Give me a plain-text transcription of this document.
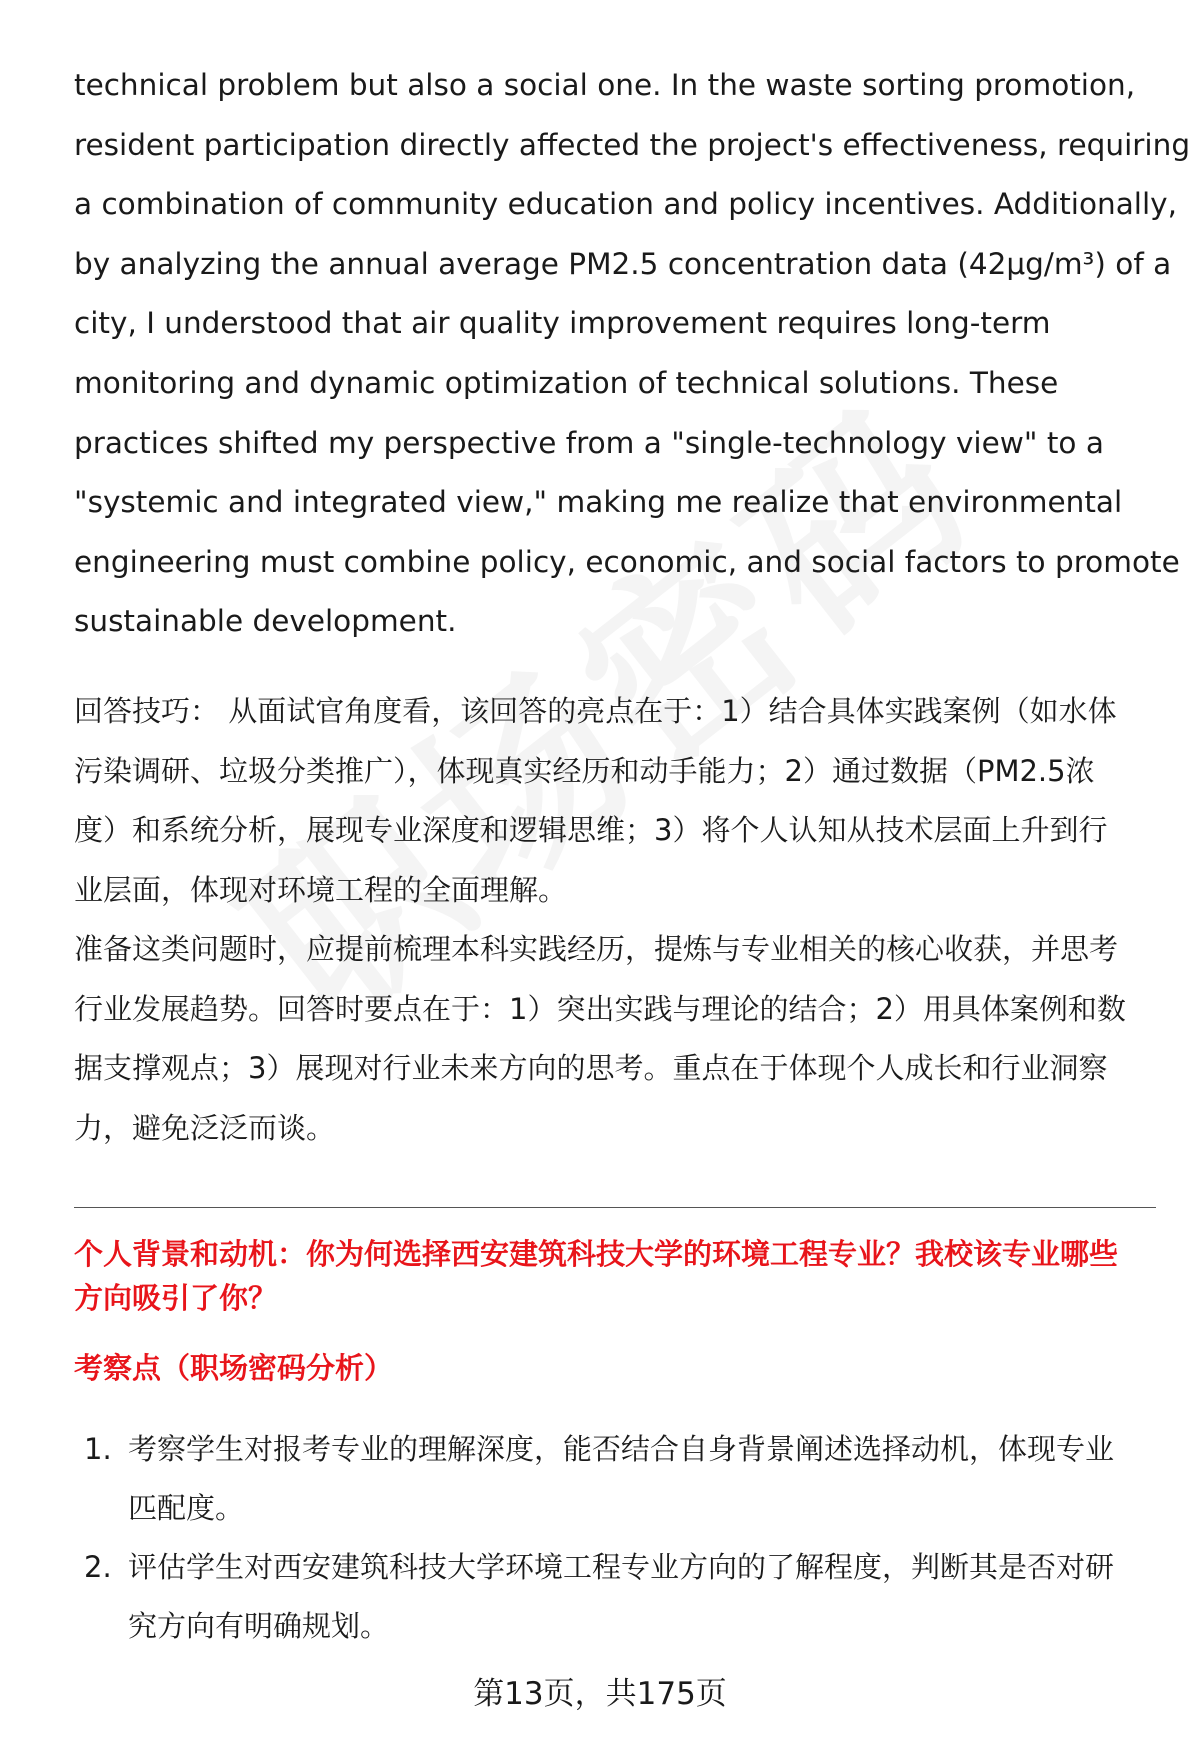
technical problem but also a social one. In the waste sorting promotion,
resident participation directly affected the project's effectiveness, requiring
a combination of community education and policy incentives. Additionally,
by analyzing the annual average PM2.5 concentration data (42μg/m³) of a
city, I understood that air quality improvement requires long-term
monitoring and dynamic optimization of technical solutions. These
practices shifted my perspective from a "single-technology view" to a
"systemic and integrated view," making me realize that environmental
engineering must combine policy, economic, and social factors to promote
sustainable development.

回答技巧： 从面试官角度看，该回答的亮点在于：1）结合具体实践案例（如水体
污染调研、垃圾分类推广），体现真实经历和动手能力；2）通过数据（PM2.5浓
度）和系统分析，展现专业深度和逻辑思维；3）将个人认知从技术层面上升到行
业层面，体现对环境工程的全面理解。
准备这类问题时，应提前梳理本科实践经历，提炼与专业相关的核心收获，并思考
行业发展趋势。回答时要点在于：1）突出实践与理论的结合；2）用具体案例和数
据支撑观点；3）展现对行业未来方向的思考。重点在于体现个人成长和行业洞察
力，避免泛泛而谈。

个人背景和动机：你为何选择西安建筑科技大学的环境工程专业？我校该专业哪些
方向吸引了你？

考察点（职场密码分析）
1. 考察学生对报考专业的理解深度，能否结合自身背景阐述选择动机，体现专业
匹配度。
2. 评估学生对西安建筑科技大学环境工程专业方向的了解程度，判断其是否对研
究方向有明确规划。
第13页，共175页
